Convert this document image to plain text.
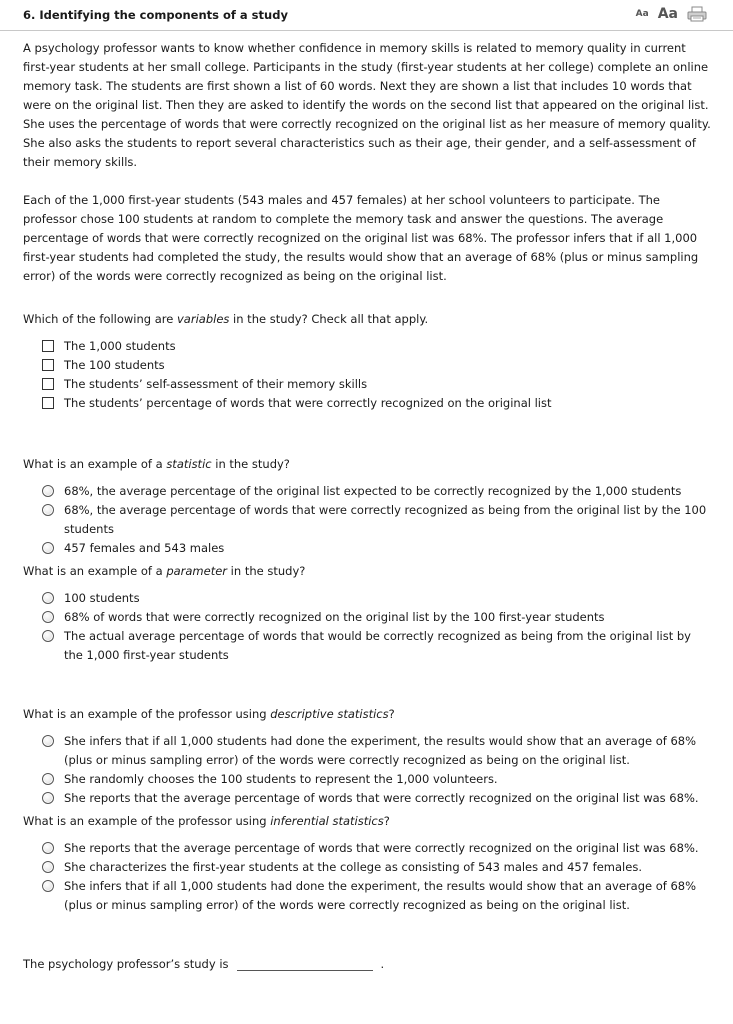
6. Identifying the components of a study	Aa Aa

A psychology professor wants to know whether confidence in memory skills is related to memory quality in current first-year students at her small college. Participants in the study (first-year students at her college) complete an online memory task. The students are first shown a list of 60 words. Next they are shown a list that includes 10 words that were on the original list. Then they are asked to identify the words on the second list that appeared on the original list. She uses the percentage of words that were correctly recognized on the original list as her measure of memory quality. She also asks the students to report several characteristics such as their age, their gender, and a self-assessment of their memory skills.

Each of the 1,000 first-year students (543 males and 457 females) at her school volunteers to participate. The professor chose 100 students at random to complete the memory task and answer the questions. The average percentage of words that were correctly recognized on the original list was 68%. The professor infers that if all 1,000 first-year students had completed the study, the results would show that an average of 68% (plus or minus sampling error) of the words were correctly recognized as being on the original list.

Which of the following are variables in the study? Check all that apply.
The 1,000 students
The 100 students
The students’ self-assessment of their memory skills
The students’ percentage of words that were correctly recognized on the original list
What is an example of a statistic in the study?
68%, the average percentage of the original list expected to be correctly recognized by the 1,000 students
68%, the average percentage of words that were correctly recognized as being from the original list by the 100 students
457 females and 543 males
What is an example of a parameter in the study?
100 students
68% of words that were correctly recognized on the original list by the 100 first-year students
The actual average percentage of words that would be correctly recognized as being from the original list by the 1,000 first-year students
What is an example of the professor using descriptive statistics?
She infers that if all 1,000 students had done the experiment, the results would show that an average of 68% (plus or minus sampling error) of the words were correctly recognized as being on the original list.
She randomly chooses the 100 students to represent the 1,000 volunteers.
She reports that the average percentage of words that were correctly recognized on the original list was 68%.
What is an example of the professor using inferential statistics?
She reports that the average percentage of words that were correctly recognized on the original list was 68%.
She characterizes the first-year students at the college as consisting of 543 males and 457 females.
She infers that if all 1,000 students had done the experiment, the results would show that an average of 68% (plus or minus sampling error) of the words were correctly recognized as being on the original list.
The psychology professor’s study is	.
